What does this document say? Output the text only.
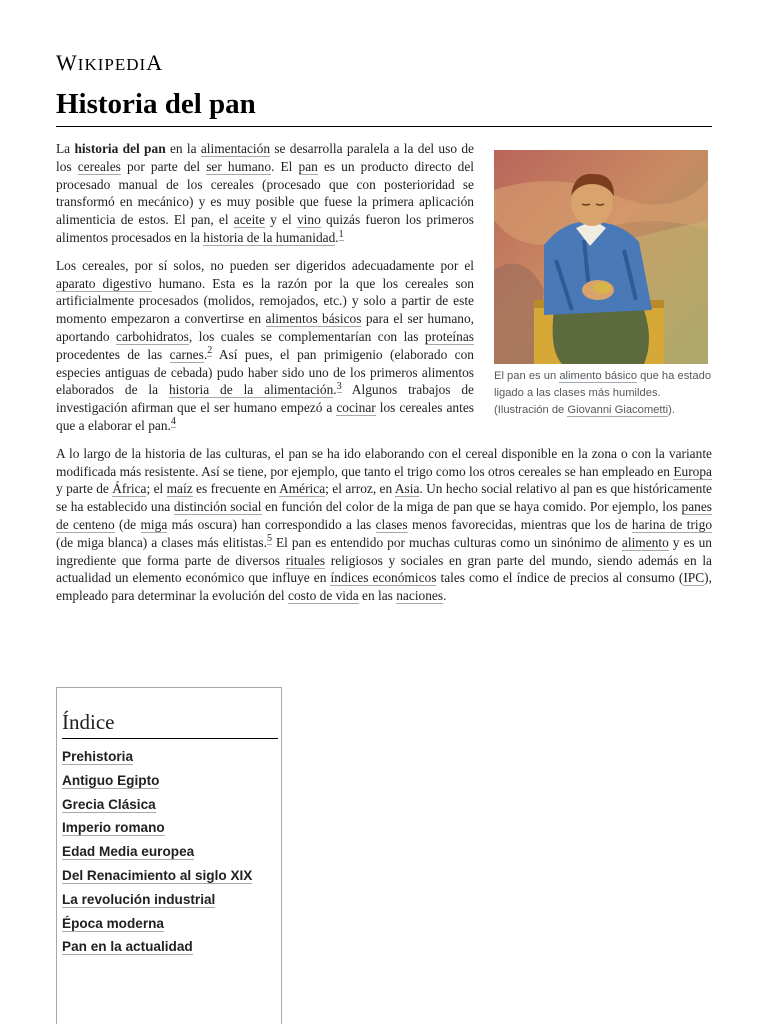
WIKIPEDIA
Historia del pan
El pan es un alimento básico que ha estado ligado a las clases más humildes. (Ilustración de Giovanni Giacometti).

La historia del pan en la alimentación se desarrolla paralela a la del uso de los cereales por parte del ser humano. El pan es un producto directo del procesado manual de los cereales (procesado que con posterioridad se transformó en mecánico) y es muy posible que fuese la primera aplicación alimenticia de estos. El pan, el aceite y el vino quizás fueron los primeros alimentos procesados en la historia de la humanidad.$^1$

Los cereales, por sí solos, no pueden ser digeridos adecuadamente por el aparato digestivo humano. Esta es la razón por la que los cereales son artificialmente procesados (molidos, remojados, etc.) y solo a partir de este momento empezaron a convertirse en alimentos básicos para el ser humano, aportando carbohidratos, los cuales se complementarían con las proteínas procedentes de las carnes.$^2$ Así pues, el pan primigenio (elaborado con especies antiguas de cebada) pudo haber sido uno de los primeros alimentos elaborados de la historia de la alimentación.$^3$ Algunos trabajos de investigación afirman que el ser humano empezó a cocinar los cereales antes que a elaborar el pan.$^4$

A lo largo de la historia de las culturas, el pan se ha ido elaborando con el cereal disponible en la zona o con la variante modificada más resistente. Así se tiene, por ejemplo, que tanto el trigo como los otros cereales se han empleado en Europa y parte de África; el maíz es frecuente en América; el arroz, en Asia. Un hecho social relativo al pan es que históricamente se ha establecido una distinción social en función del color de la miga de pan que se haya comido. Por ejemplo, los panes de centeno (de miga más oscura) han correspondido a las clases menos favorecidas, mientras que los de harina de trigo (de miga blanca) a clases más elitistas.$^5$ El pan es entendido por muchas culturas como un sinónimo de alimento y es un ingrediente que forma parte de diversos rituales religiosos y sociales en gran parte del mundo, siendo además en la actualidad un elemento económico que influye en índices económicos tales como el índice de precios al consumo (IPC), empleado para determinar la evolución del costo de vida en las naciones.

Índice
Prehistoria
Antiguo Egipto
Grecia Clásica
Imperio romano
Edad Media europea
Del Renacimiento al siglo XIX
La revolución industrial
Época moderna
Pan en la actualidad
